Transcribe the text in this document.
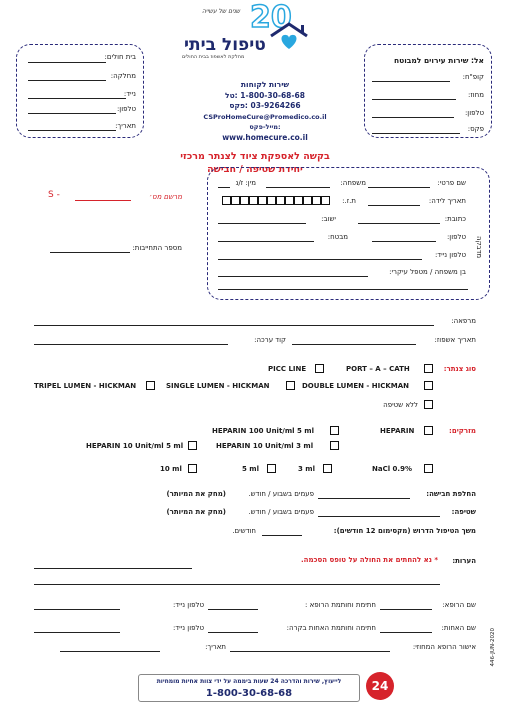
שנים של עשייה 20
טיפול ביתי
מחלקת לאשפוז בבית החולים
בית חולים:
מחלקה:
נייד:
טלפון:
תאריך:
שירות לקוחות
1-800-30-68-68 :טל
03-9264266 :פקס
CSProHomeCure@Promedico.co.il :מייל-פקס
www.homecure.co.il
אל: שירות עירוים למבוטח
קופ"ח:
מחוז:
טלפון:
פקס:
בקשה לאספקת ציוד לצנתר מרכזי
יחידת שטיפה / חבישה
מדבקה
שם פרטי:
משפחה:
מין: ז/נ
תאריך לידה:
ת.ז.:
כתובת:
ישוב:
טלפון:
מבטח:
טלפון נייד:
בן משפחה / מטפל עיקרי:
מרשם מס׳
S -
מספר התחייבות:
מרפאה:
תאריך אשפוז:
קוד ערכה:
סוג צנתר:
PORT – A – CATH
PICC LINE
DOUBLE LUMEN - HICKMAN
SINGLE LUMEN - HICKMAN
TRIPEL LUMEN - HICKMAN
ללא שטיפה
מזרקים:
HEPARIN
HEPARIN 100 Unit/ml 5 ml
HEPARIN 10 Unit/ml 3 ml
HEPARIN 10 Unit/ml 5 ml
NaCl 0.9%
3 ml
5 ml
10 ml
החלפת חבישה:
פעמים בשבוע / חודש.
(מחק את המיותר)
שטיפה:
פעמים בשבוע / חודש.
(מחק את המיותר)
משך הטיפול הדרוש (מקסימום 12 חודשים):
חודשים.
הערות:
* נא להחתים את החולה על טופס הסכמה.
שם הרופא:
חתימת וחותמת הרופא :
טלפון נייד:
שם האחות:
חתימה וחותמת האחות בקרה:
טלפון נייד:
אישור הרופא המחוזי:
תאריך:	446-JUN-2020
לייעוץ, שירות והדרכה 24 שעות ביממה על ידי צוות אחיות מומחיות
1-800-30-68-68
24
